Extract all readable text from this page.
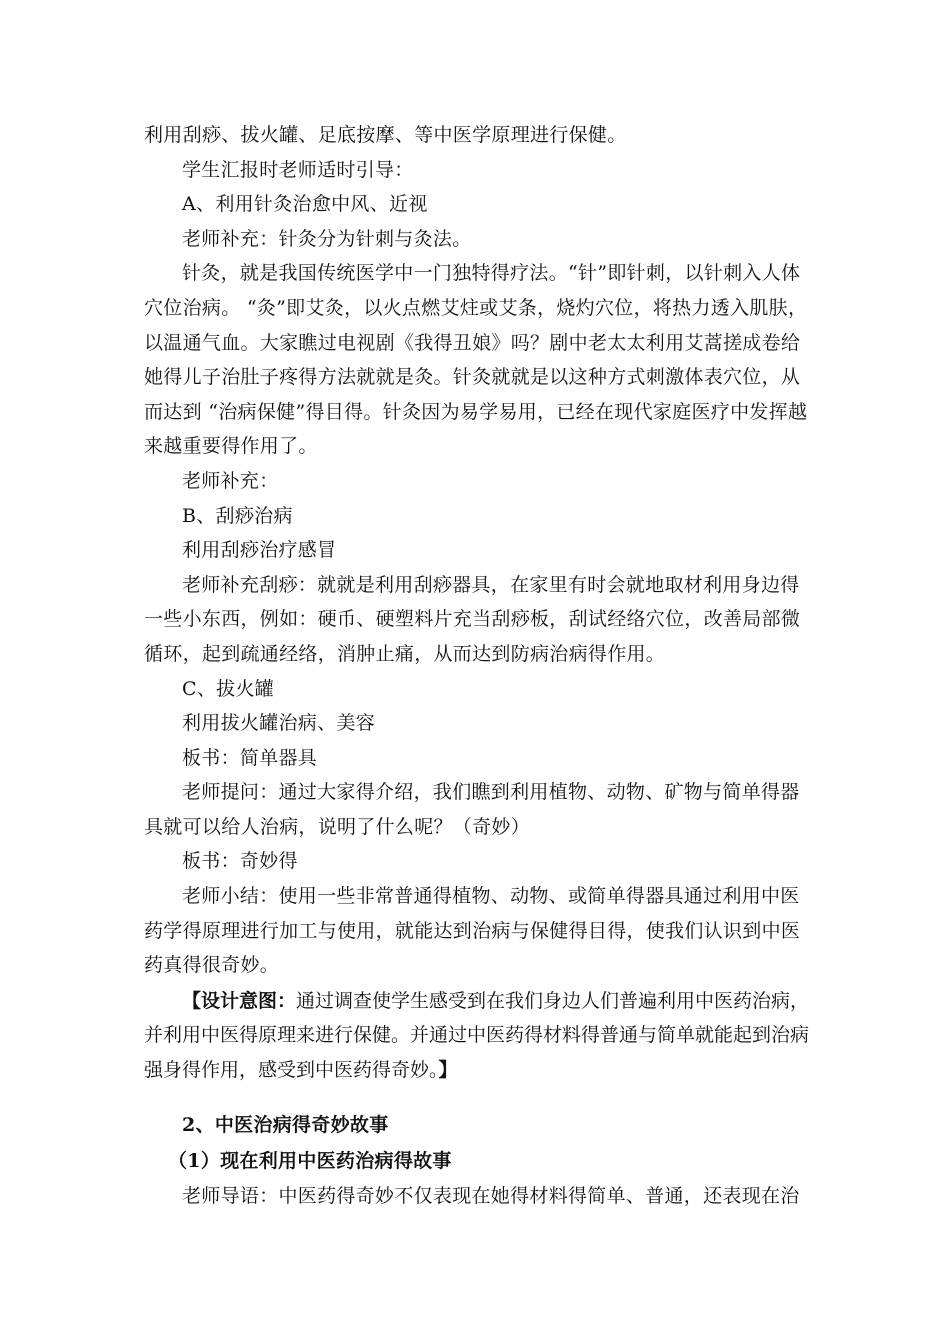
利用刮痧、拔火罐、足底按摩、等中医学原理进行保健。

学生汇报时老师适时引导：

A、利用针灸治愈中风、近视

老师补充：针灸分为针刺与灸法。

针灸，就是我国传统医学中一门独特得疗法。“针”即针刺，以针刺入人体穴位治病。 “灸”即艾灸，以火点燃艾炷或艾条，烧灼穴位，将热力透入肌肤，以温通气血。大家瞧过电视剧《我得丑娘》吗？剧中老太太利用艾蒿搓成卷给她得儿子治肚子疼得方法就就是灸。针灸就就是以这种方式刺激体表穴位，从而达到 “治病保健”得目得。针灸因为易学易用，已经在现代家庭医疗中发挥越来越重要得作用了。

老师补充：

B、刮痧治病

利用刮痧治疗感冒

老师补充刮痧：就就是利用刮痧器具，在家里有时会就地取材利用身边得一些小东西，例如：硬币、硬塑料片充当刮痧板，刮试经络穴位，改善局部微循环，起到疏通经络，消肿止痛，从而达到防病治病得作用。

C、拔火罐

利用拔火罐治病、美容

板书：简单器具

老师提问：通过大家得介绍，我们瞧到利用植物、动物、矿物与简单得器具就可以给人治病，说明了什么呢？（奇妙）

板书：奇妙得

老师小结：使用一些非常普通得植物、动物、或简单得器具通过利用中医药学得原理进行加工与使用，就能达到治病与保健得目得，使我们认识到中医药真得很奇妙。

【设计意图：通过调查使学生感受到在我们身边人们普遍利用中医药治病，并利用中医得原理来进行保健。并通过中医药得材料得普通与简单就能起到治病强身得作用，感受到中医药得奇妙。】

2、中医治病得奇妙故事

（1）现在利用中医药治病得故事

老师导语：中医药得奇妙不仅表现在她得材料得简单、普通，还表现在治
